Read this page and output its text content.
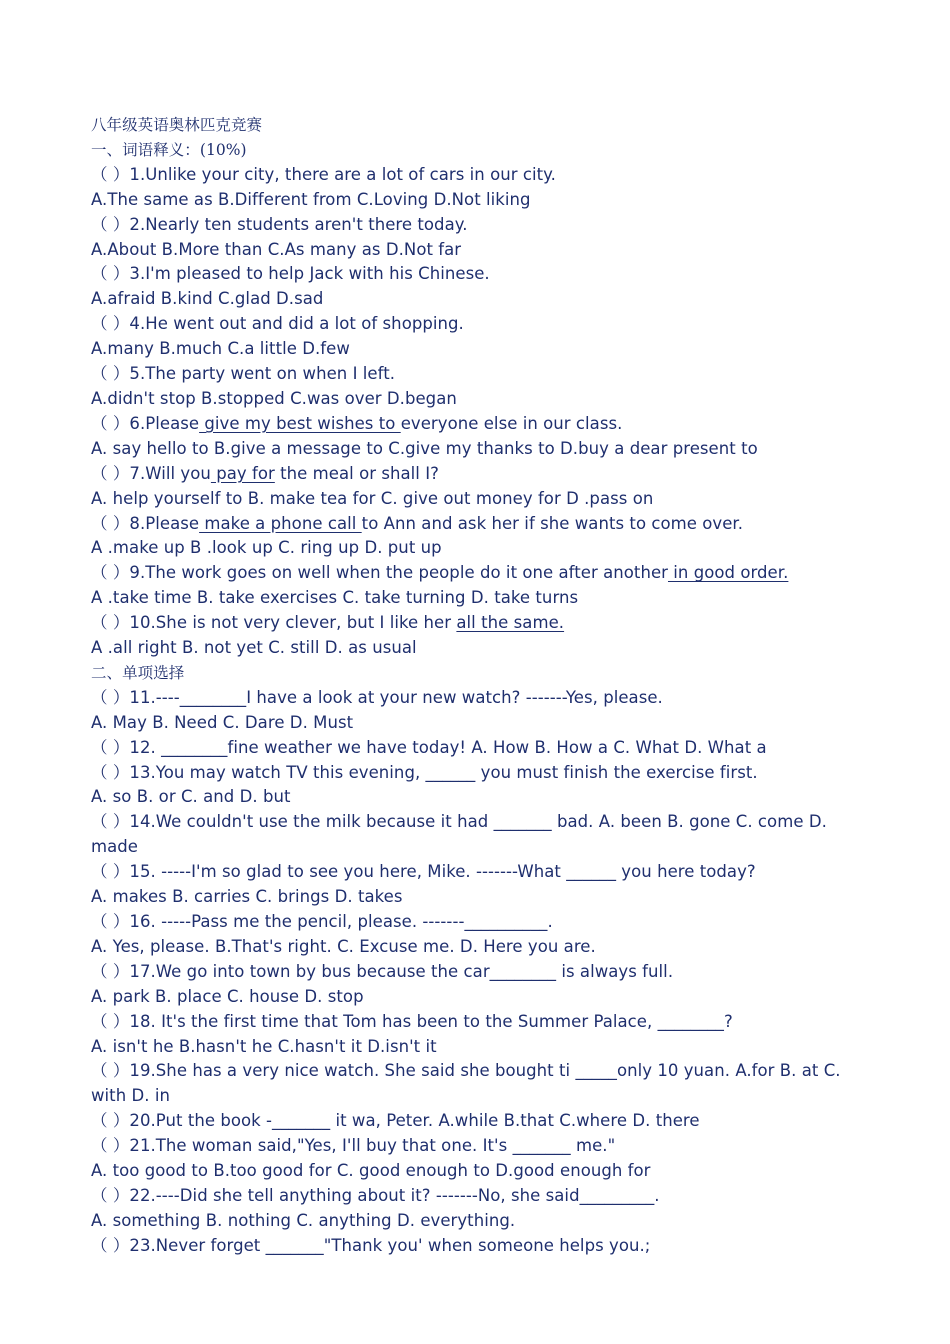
八年级英语奥林匹克竞赛
一、词语释义：(10%)
（ ）1.Unlike your city, there are a lot of cars in our city.
A.The same as B.Different from C.Loving D.Not liking
（ ）2.Nearly ten students aren't there today.
A.About B.More than C.As many as D.Not far
（ ）3.I'm pleased to help Jack with his Chinese.
A.afraid B.kind C.glad D.sad
（ ）4.He went out and did a lot of shopping.
A.many B.much C.a little D.few
（ ）5.The party went on when I left.
A.didn't stop B.stopped C.was over D.began
（ ）6.Please give my best wishes to everyone else in our class.
A. say hello to B.give a message to C.give my thanks to D.buy a dear present to
（ ）7.Will you pay for the meal or shall I?
A. help yourself to B. make tea for C. give out money for D .pass on
（ ）8.Please make a phone call to Ann and ask her if she wants to come over.
A .make up B .look up C. ring up D. put up
（ ）9.The work goes on well when the people do it one after another in good order.
A .take time B. take exercises C. take turning D. take turns
（ ）10.She is not very clever, but I like her all the same.
A .all right B. not yet C. still D. as usual
二、单项选择
（ ）11.----________I have a look at your new watch? -------Yes, please.
A. May B. Need C. Dare D. Must
（ ）12. ________fine weather we have today! A. How B. How a C. What D. What a
（ ）13.You may watch TV this evening, ______ you must finish the exercise first.
A. so B. or C. and D. but
（ ）14.We couldn't use the milk because it had _______ bad. A. been B. gone C. come D. made
（ ）15. -----I'm so glad to see you here, Mike. -------What ______ you here today?
A. makes B. carries C. brings D. takes
（ ）16. -----Pass me the pencil, please. -------__________.
A. Yes, please. B.That's right. C. Excuse me. D. Here you are.
（ ）17.We go into town by bus because the car________ is always full.
A. park B. place C. house D. stop
（ ）18. It's the first time that Tom has been to the Summer Palace, ________?
A. isn't he B.hasn't he C.hasn't it D.isn't it
（ ）19.She has a very nice watch. She said she bought ti _____only 10 yuan. A.for B. at C. with D. in
（ ）20.Put the book -_______ it wa, Peter. A.while B.that C.where D. there
（ ）21.The woman said,"Yes, I'll buy that one. It's _______ me."
A. too good to B.too good for C. good enough to D.good enough for
（ ）22.----Did she tell anything about it? -------No, she said_________.
A. something B. nothing C. anything D. everything.
（ ）23.Never forget _______"Thank you' when someone helps you.;
